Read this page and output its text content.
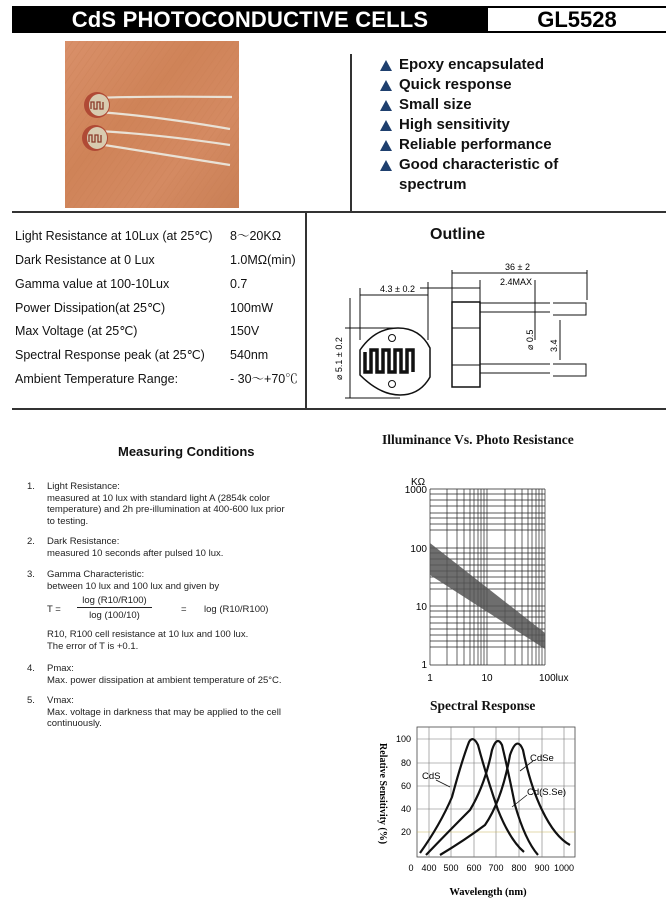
CdS PHOTOCONDUCTIVE CELLS	GL5528
Epoxy encapsulated
Quick response
Small size
High sensitivity
Reliable performance
Good characteristic of
spectrum
Light Resistance at 10Lux (at 25℃) 8～20KΩ
Dark Resistance at 0 Lux	1.0MΩ(min)
Gamma value at 100-10Lux	0.7
Power Dissipation(at 25℃)	100mW
Max Voltage (at 25℃)	150V
Spectral Response peak (at 25℃) 540nm
Ambient Temperature Range:	- 30～+70℃
Outline
4.3 ± 0.2
2.4MAX
36 ± 2
⌀ 5.1 ± 0.2	⌀ 0.5 3.4
Measuring Conditions
1. Light Resistance:
measured at 10 lux with standard light A (2854k color
temperature) and 2h pre-illumination at 400-600 lux prior
to testing.
2. Dark Resistance:
measured 10 seconds after pulsed 10 lux.
3. Gamma Characteristic:
between 10 lux and 100 lux and given by
T =
log (R10/R100)
log (100/10)
= log (R10/R100)
R10, R100 cell resistance at 10 lux and 100 lux.
The error of T is +0.1.
4. Pmax:
Max. power dissipation at ambient temperature of 25°C.
5. Vmax:
Max. voltage in darkness that may be applied to the cell
continuously.
Illuminance Vs. Photo Resistance
KΩ
1000
100
10
1
1	10	100lux
Spectral Response
CdS
CdSe
Cd(S.Se)
100
80
60
40
20
0 400 500 600 700 800 900 1000
Relative Sensitivity (%)
Wavelength (nm)
